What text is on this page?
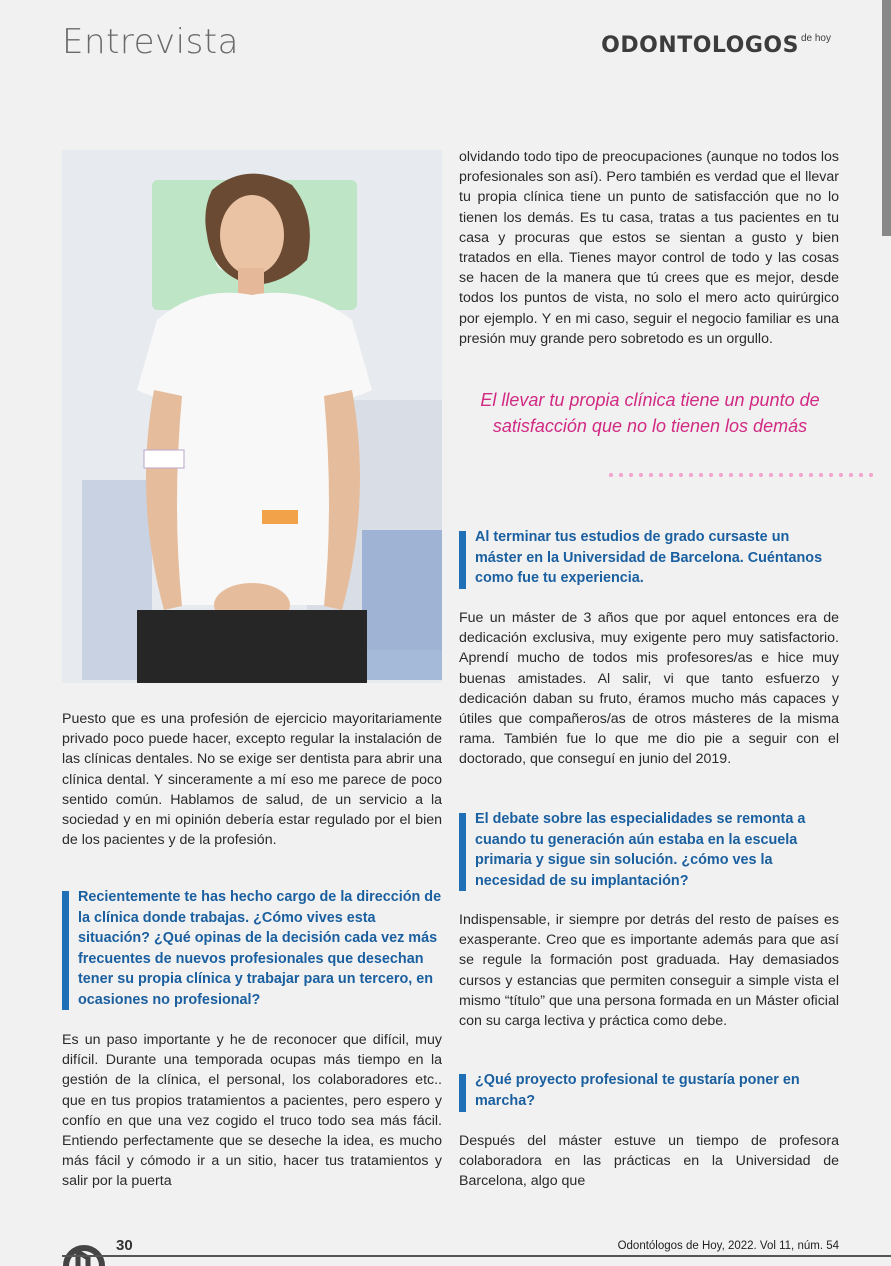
Entrevista	ODONTOLOGOS $^{de hoy}$
Puesto que es una profesión de ejercicio mayoritariamente privado poco puede hacer, excepto regular la instalación de las clínicas dentales. No se exige ser dentista para abrir una clínica dental. Y sinceramente a mí eso me parece de poco sentido común. Hablamos de salud, de un servicio a la sociedad y en mi opinión debería estar regulado por el bien de los pacientes y de la profesión.
Recientemente te has hecho cargo de la dirección de la clínica donde trabajas. ¿Cómo vives esta situación? ¿Qué opinas de la decisión cada vez más frecuentes de nuevos profesionales que desechan tener su propia clínica y trabajar para un tercero, en ocasiones no profesional?
Es un paso importante y he de reconocer que difícil, muy difícil. Durante una temporada ocupas más tiempo en la gestión de la clínica, el personal, los colaboradores etc.. que en tus propios tratamientos a pacientes, pero espero y confío en que una vez cogido el truco todo sea más fácil. Entiendo perfectamente que se deseche la idea, es mucho más fácil y cómodo ir a un sitio, hacer tus tratamientos y salir por la puerta
olvidando todo tipo de preocupaciones (aunque no todos los profesionales son así). Pero también es verdad que el llevar tu propia clínica tiene un punto de satisfacción que no lo tienen los demás. Es tu casa, tratas a tus pacientes en tu casa y procuras que estos se sientan a gusto y bien tratados en ella. Tienes mayor control de todo y las cosas se hacen de la manera que tú crees que es mejor, desde todos los puntos de vista, no solo el mero acto quirúrgico por ejemplo. Y en mi caso, seguir el negocio familiar es una presión muy grande pero sobretodo es un orgullo.
El llevar tu propia clínica tiene un punto de satisfacción que no lo tienen los demás
Al terminar tus estudios de grado cursaste un máster en la Universidad de Barcelona. Cuéntanos como fue tu experiencia.
Fue un máster de 3 años que por aquel entonces era de dedicación exclusiva, muy exigente pero muy satisfactorio. Aprendí mucho de todos mis profesores/as e hice muy buenas amistades. Al salir, vi que tanto esfuerzo y dedicación daban su fruto, éramos mucho más capaces y útiles que compañeros/as de otros másteres de la misma rama. También fue lo que me dio pie a seguir con el doctorado, que conseguí en junio del 2019.
El debate sobre las especialidades se remonta a cuando tu generación aún estaba en la escuela primaria y sigue sin solución. ¿cómo ves la necesidad de su implantación?
Indispensable, ir siempre por detrás del resto de países es exasperante. Creo que es importante además para que así se regule la formación post graduada. Hay demasiados cursos y estancias que permiten conseguir a simple vista el mismo “título” que una persona formada en un Máster oficial con su carga lectiva y práctica como debe.
¿Qué proyecto profesional te gustaría poner en marcha?
Después del máster estuve un tiempo de profesora colaboradora en las prácticas en la Universidad de Barcelona, algo que
30	Odontólogos de Hoy, 2022. Vol 11, núm. 54
